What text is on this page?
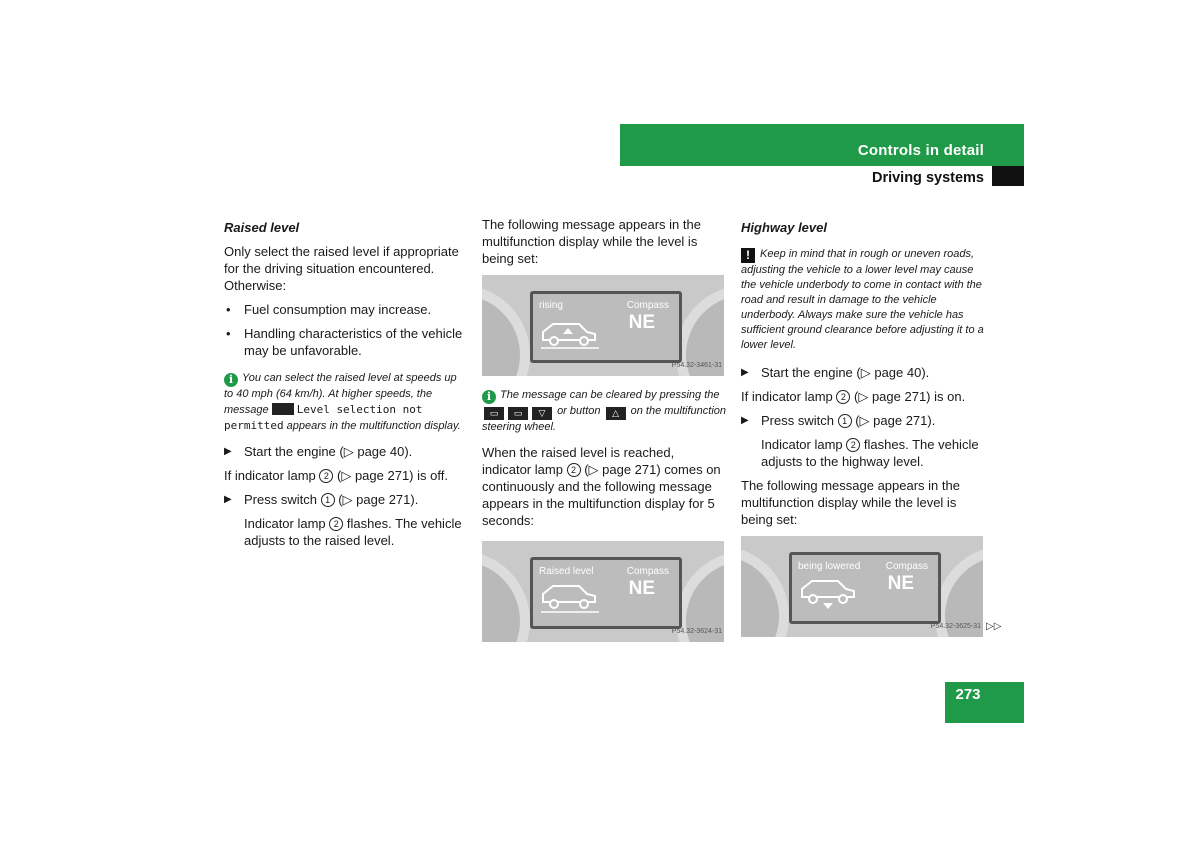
Controls in detail
Driving systems

Raised level

Only select the raised level if appropriate for the driving situation encountered. Otherwise:

• Fuel consumption may increase.

• Handling characteristics of the vehicle may be unfavorable.

i You can select the raised level at speeds up to 40 mph (64 km/h). At higher speeds, the message	Level selection not permitted appears in the multifunction display.

▶ Start the engine (▷ page 40).

If indicator lamp 2 (▷ page 271) is off.

▶ Press switch 1 (▷ page 271).

Indicator lamp 2 flashes. The vehicle adjusts to the raised level.

The following message appears in the multifunction display while the level is being set:

rising	Compass
NE
P54.32-3461-31

i The message can be cleared by pressing the ▭ ▭ ▽ or button △ on the multifunction steering wheel.

When the raised level is reached, indicator lamp 2 (▷ page 271) comes on continuously and the following message appears in the multifunction display for 5 seconds:

Raised level	Compass
NE
P54.32-3624-31

Highway level

! Keep in mind that in rough or uneven roads, adjusting the vehicle to a lower level may cause the vehicle underbody to come in contact with the road and result in damage to the vehicle underbody. Always make sure the vehicle has sufficient ground clearance before adjusting it to a lower level.

▶ Start the engine (▷ page 40).

If indicator lamp 2 (▷ page 271) is on.

▶ Press switch 1 (▷ page 271).

Indicator lamp 2 flashes. The vehicle adjusts to the highway level.

The following message appears in the multifunction display while the level is being set:

being lowered	Compass
NE
P54.32-3625-31 ▷▷
273
